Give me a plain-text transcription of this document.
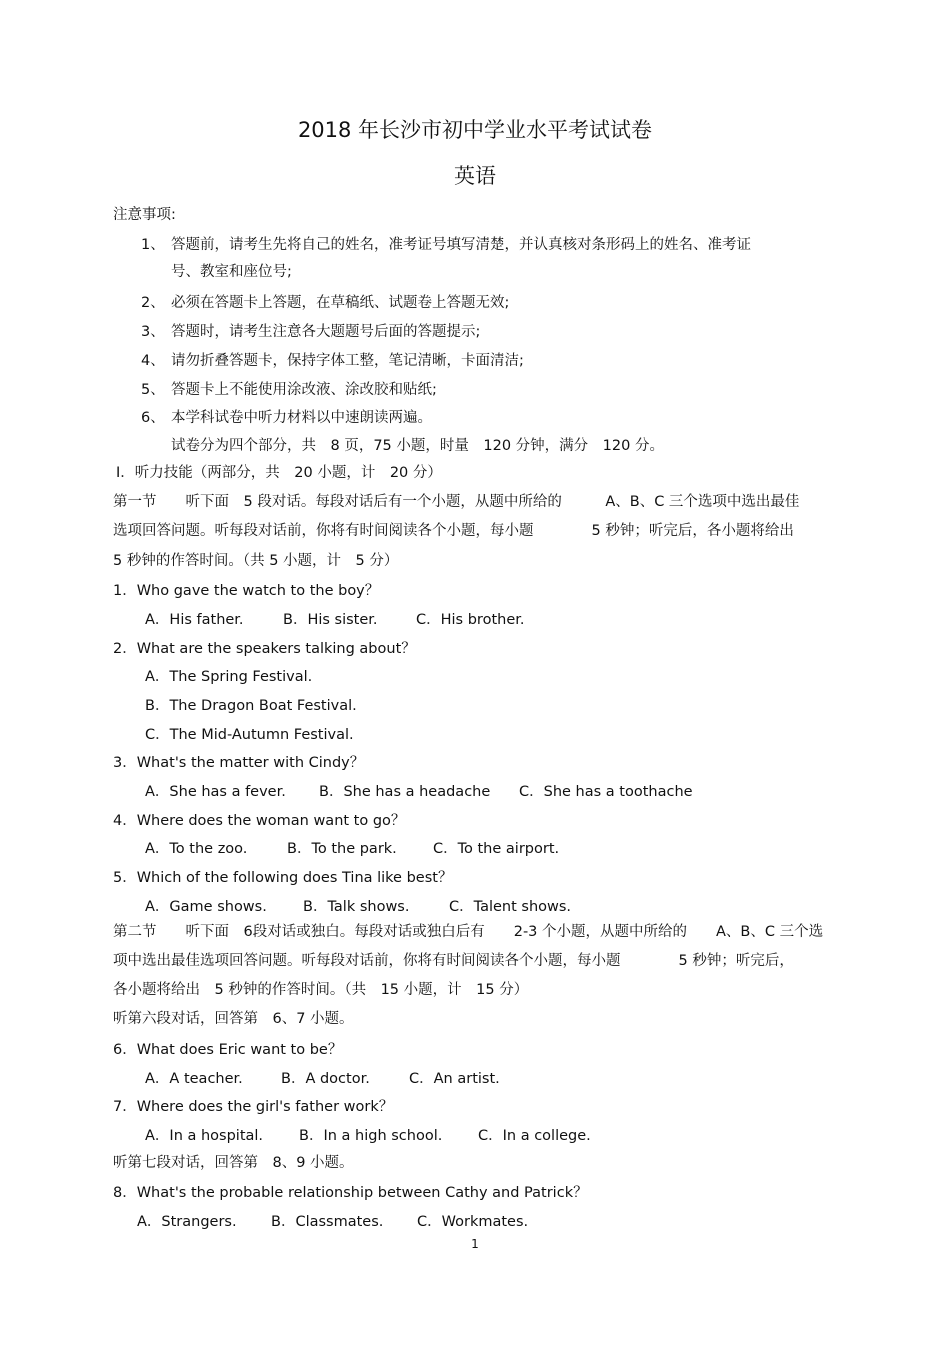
2018 年长沙市初中学业水平考试试卷
英语
注意事项:
1、 答题前，请考生先将自己的姓名，准考证号填写清楚，并认真核对条形码上的姓名、准考证
号、教室和座位号;
2、 必须在答题卡上答题，在草稿纸、试题卷上答题无效;
3、 答题时，请考生注意各大题题号后面的答题提示;
4、 请勿折叠答题卡，保持字体工整，笔记清晰，卡面清洁;
5、 答题卡上不能使用涂改液、涂改胶和贴纸;
6、 本学科试卷中听力材料以中速朗读两遍。
试卷分为四个部分，共　8 页，75 小题，时量　120 分钟，满分　120 分。
Ⅰ．听力技能（两部分，共　20 小题，计　20 分）
第一节　　听下面　5 段对话。每段对话后有一个小题，从题中所给的　　　A、B、C 三个选项中选出最佳
选项回答问题。听每段对话前，你将有时间阅读各个小题，每小题　　　　5 秒钟；听完后，各小题将给出
5 秒钟的作答时间。（共 5 小题，计　5 分）
1．Who gave the watch to the boy？
A．His father.	B．His sister.	C．His brother.
2．What are the speakers talking about？
A．The Spring Festival.
B．The Dragon Boat Festival.
C．The Mid-Autumn Festival.
3．What's the matter with Cindy？
A．She has a fever. B．She has a headache C．She has a toothache
4．Where does the woman want to go？
A．To the zoo.	B．To the park. C．To the airport.
5．Which of the following does Tina like best？
A．Game shows. B．Talk shows.	C．Talent shows.
第二节　　听下面　6段对话或独白。每段对话或独白后有　　2-3 个小题，从题中所给的　　A、B、C 三个选
项中选出最佳选项回答问题。听每段对话前，你将有时间阅读各个小题，每小题　　　　5 秒钟；听完后，
各小题将给出　5 秒钟的作答时间。（共　15 小题，计　15 分）
听第六段对话，回答第　6、7 小题。
6．What does Eric want to be？
A．A teacher.	B．A doctor.	C．An artist.
7．Where does the girl's father work？
A．In a hospital. B．In a high school. C．In a college.
听第七段对话，回答第　8、9 小题。
8．What's the probable relationship between Cathy and Patrick？
A．Strangers. B．Classmates. C．Workmates.
1
